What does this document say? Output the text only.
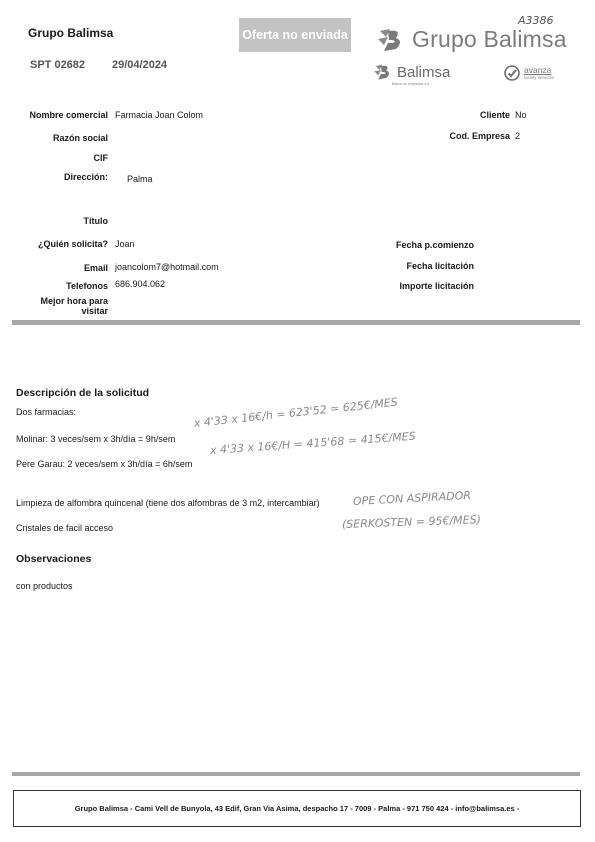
Grupo Balimsa
SPT 02682 29/04/2024
Oferta no enviada
A3386
Grupo Balimsa
Balimsa
Balear de empresas s.a.
avanza
facility services
Nombre comercial Farmacia Joan Colom
Razón social
CIF
Dirección: Palma
Título
¿Quién solicita? Joan
Email joancolom7@hotmail.com
Telefonos 686.904.062
Mejor hora para
visitar
Cliente No
Cod. Empresa 2
Fecha p.comienzo
Fecha licitación
Importe licitación
Descripción de la solicitud
Dos farmacias:
Molinar: 3 veces/sem x 3h/día = 9h/sem
Pere Garau: 2 veces/sem x 3h/día = 6h/sem
Limpieza de alfombra quincenal (tiene dos alfombras de 3 m2, intercambiar)
Cristales de facil acceso
x 4'33 x 16€/h = 623'52 ≃ 625€/MES
x 4'33 x 16€/H = 415'68 ≃ 415€/MES
OPE CON ASPIRADOR
(SERKOSTEN = 95€/MES)
Observaciones
con productos
Grupo Balimsa - Cami Vell de Bunyola, 43 Edif, Gran Via Asima, despacho 17 - 7009 - Palma - 971 750 424 - info@balimsa.es -
